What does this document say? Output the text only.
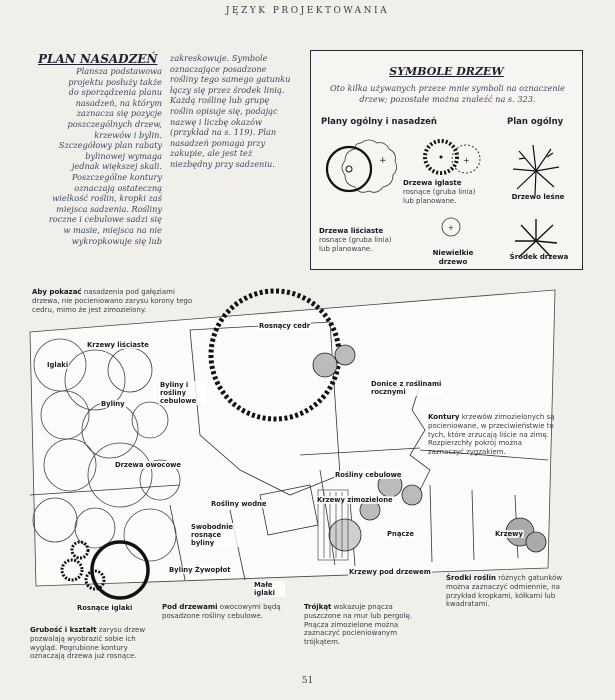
JĘZYK PROJEKTOWANIA
PLAN NASADZEŃ
Plansza podstawowa
projektu posłuży także
do sporządzenia planu
nasadzeń, na którym
zaznacza się pozycje
poszczególnych drzew,
krzewów i bylin.
Szczegółowy plan rabaty
bylinowej wymaga
jednak większej skali.
Poszczególne kontury
oznaczają ostateczną
wielkość roślin, kropki zaś
miejsca sadzenia. Rośliny
roczne i cebulowe sadzi się
w masie, miejsca na nie
wykropkowuje się lub
zakreskowuje. Symbole
oznaczające posadzone
rośliny tego samego gatunku
łączy się przez środek linią.
Każdą roślinę lub grupę
roślin opisuje się, podając
nazwę i liczbę okazów
(przykład na s. 119). Plan
nasadzeń pomaga przy
zakupie, ale jest też
niezbędny przy sadzeniu.
SYMBOLE DRZEW
Oto kilka używanych przeze mnie symboli na oznaczenie drzew; pozostałe można znaleźć na s. 323.
Plany ogólny i nasadzeń	Plan ogólny
+	+
+
Drzewa iglaste
rosnące (gruba linia) lub planowane.
Drzewa liściaste
rosnące (gruba linia) lub planowane.	Niewielkie drzewo
Drzewo leśne
Środek drzewa
Krzewy liściaste
Iglaki
Byliny
Byliny i rośliny cebulowe
Rosnący cedr
Donice z roślinami rocznymi
Drzewa owocowe
Rośliny wodne
Rośliny cebulowe
Krzewy zimozielone
Swobodnie rosnące byliny
Pnącze	Krzewy
Byliny Żywopłot
Małe iglaki
Krzewy pod drzewem
Rosnące iglaki
Aby pokazać nasadzenia pod gałęziami drzewa, nie pocieniowano zarysu korony tego cedru, mimo że jest zimozielony.
Kontury krzewów zimozielonych są pocieniowane, w przeciwieństwie to tych, które zrzucają liście na zimę. Rozpierzchły pokrój można zaznaczyć zygzakiem.
Grubość i kształt zarysu drzew pozwalają wyobrazić sobie ich wygląd. Pogrubione kontury oznaczają drzewa już rosnące.
Pod drzewami owocowymi będą posadzone rośliny cebulowe.
Trójkąt wskazuje pnącza puszczone na mur lub pergolę. Pnącza zimozielone można zaznaczyć pocieniowanym trójkątem.
Środki roślin różnych gatunków można zaznaczyć odmiennie, na przykład kropkami, kółkami lub kwadratami.
51
